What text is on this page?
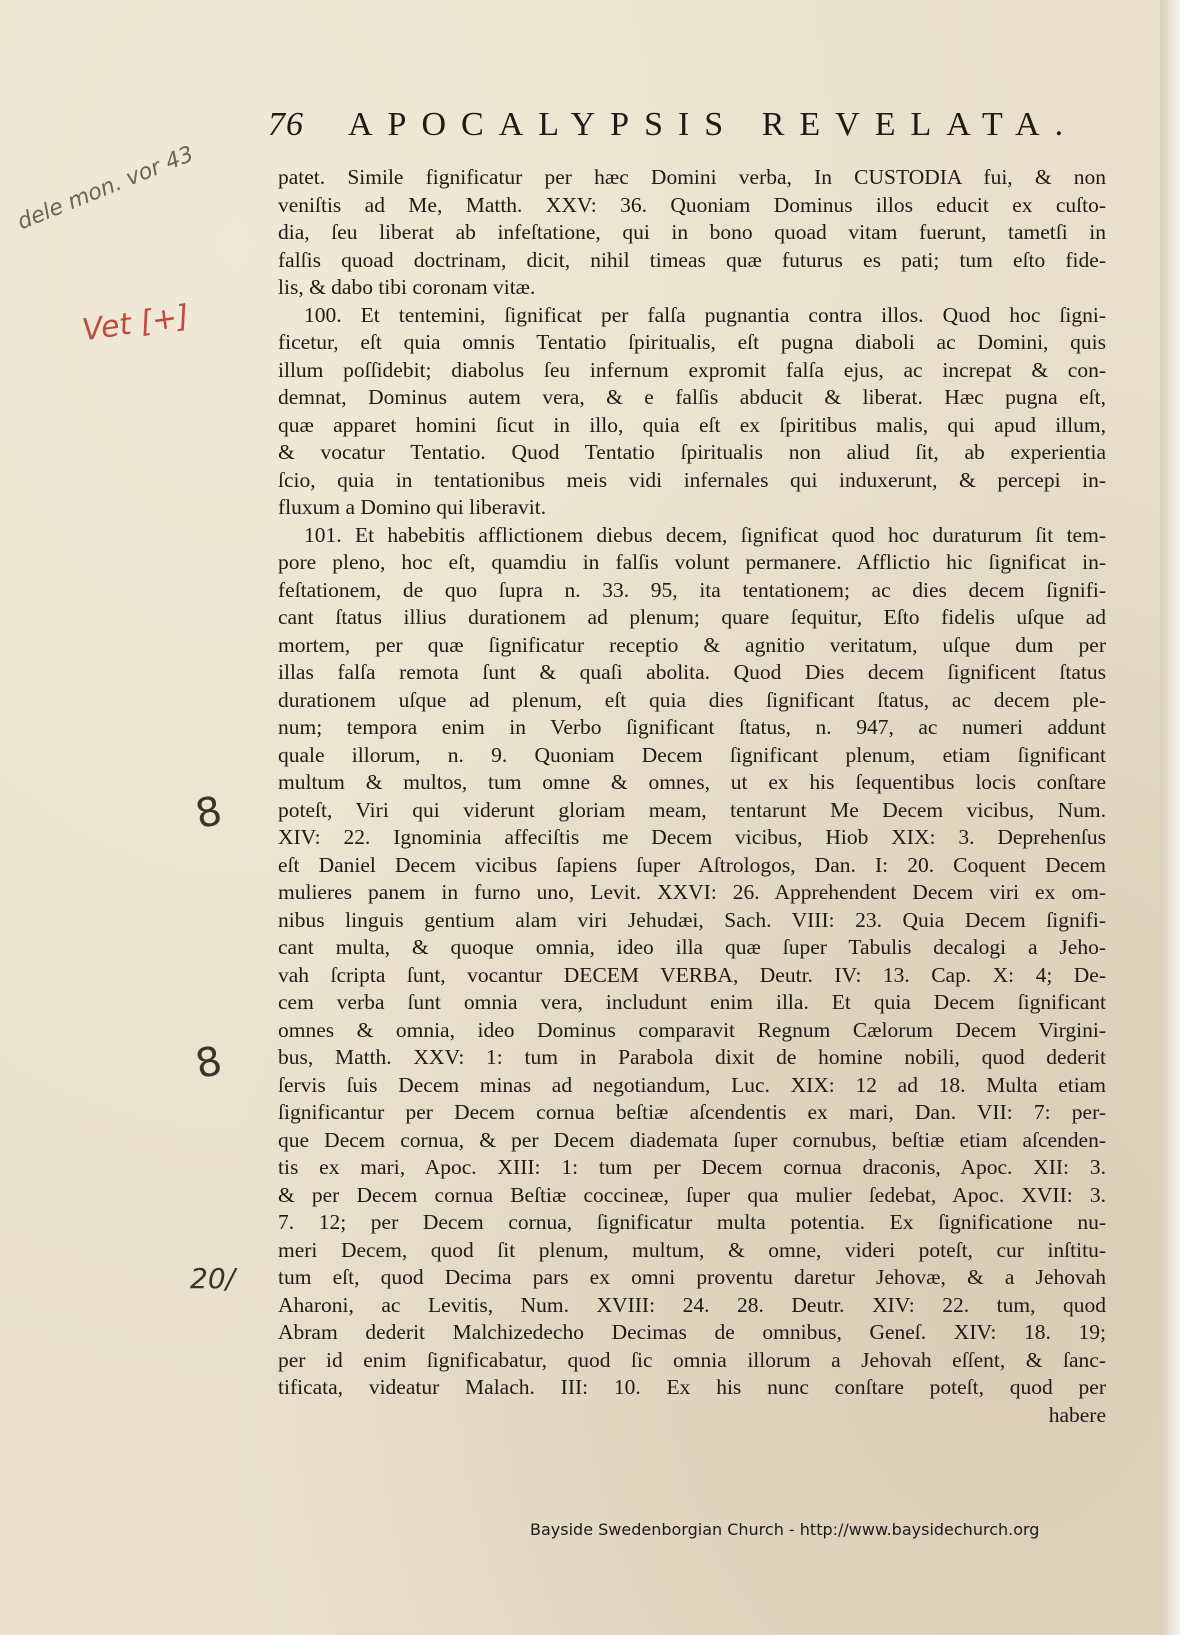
76 APOCALYPSIS REVELATA.
patet. Simile fignificatur per hæc Domini verba, In CUSTODIA fui, & non
veniſtis ad Me, Matth. XXV: 36. Quoniam Dominus illos educit ex cuſto-
dia, ſeu liberat ab infeſtatione, qui in bono quoad vitam fuerunt, tametſi in
falſis quoad doctrinam, dicit, nihil timeas quæ futurus es pati; tum eſto fide-
lis, & dabo tibi coronam vitæ.
100. Et tentemini, ſignificat per falſa pugnantia contra illos. Quod hoc ſigni-
ficetur, eſt quia omnis Tentatio ſpiritualis, eſt pugna diaboli ac Domini, quis
illum poſſidebit; diabolus ſeu infernum expromit falſa ejus, ac increpat & con-
demnat, Dominus autem vera, & e falſis abducit & liberat. Hæc pugna eſt,
quæ apparet homini ſicut in illo, quia eſt ex ſpiritibus malis, qui apud illum,
& vocatur Tentatio. Quod Tentatio ſpiritualis non aliud ſit, ab experientia
ſcio, quia in tentationibus meis vidi infernales qui induxerunt, & percepi in-
fluxum a Domino qui liberavit.
101. Et habebitis afflictionem diebus decem, ſignificat quod hoc duraturum ſit tem-
pore pleno, hoc eſt, quamdiu in falſis volunt permanere. Afflictio hic ſignificat in-
feſtationem, de quo ſupra n. 33. 95, ita tentationem; ac dies decem ſignifi-
cant ſtatus illius durationem ad plenum; quare ſequitur, Eſto fidelis uſque ad
mortem, per quæ ſignificatur receptio & agnitio veritatum, uſque dum per
illas falſa remota ſunt & quaſi abolita. Quod Dies decem ſignificent ſtatus
durationem uſque ad plenum, eſt quia dies ſignificant ſtatus, ac decem ple-
num; tempora enim in Verbo ſignificant ſtatus, n. 947, ac numeri addunt
quale illorum, n. 9. Quoniam Decem ſignificant plenum, etiam ſignificant
multum & multos, tum omne & omnes, ut ex his ſequentibus locis conſtare
poteſt, Viri qui viderunt gloriam meam, tentarunt Me Decem vicibus, Num.
XIV: 22. Ignominia affeciſtis me Decem vicibus, Hiob XIX: 3. Deprehenſus
eſt Daniel Decem vicibus ſapiens ſuper Aſtrologos, Dan. I: 20. Coquent Decem
mulieres panem in furno uno, Levit. XXVI: 26. Apprehendent Decem viri ex om-
nibus linguis gentium alam viri Jehudæi, Sach. VIII: 23. Quia Decem ſignifi-
cant multa, & quoque omnia, ideo illa quæ ſuper Tabulis decalogi a Jeho-
vah ſcripta ſunt, vocantur DECEM VERBA, Deutr. IV: 13. Cap. X: 4; De-
cem verba ſunt omnia vera, includunt enim illa. Et quia Decem ſignificant
omnes & omnia, ideo Dominus comparavit Regnum Cælorum Decem Virgini-
bus, Matth. XXV: 1: tum in Parabola dixit de homine nobili, quod dederit
ſervis ſuis Decem minas ad negotiandum, Luc. XIX: 12 ad 18. Multa etiam
ſignificantur per Decem cornua beſtiæ aſcendentis ex mari, Dan. VII: 7: per-
que Decem cornua, & per Decem diademata ſuper cornubus, beſtiæ etiam aſcenden-
tis ex mari, Apoc. XIII: 1: tum per Decem cornua draconis, Apoc. XII: 3.
& per Decem cornua Beſtiæ coccineæ, ſuper qua mulier ſedebat, Apoc. XVII: 3.
7. 12; per Decem cornua, ſignificatur multa potentia. Ex ſignificatione nu-
meri Decem, quod ſit plenum, multum, & omne, videri poteſt, cur inſtitu-
tum eſt, quod Decima pars ex omni proventu daretur Jehovæ, & a Jehovah
Aharoni, ac Levitis, Num. XVIII: 24. 28. Deutr. XIV: 22. tum, quod
Abram dederit Malchizedecho Decimas de omnibus, Geneſ. XIV: 18. 19;
per id enim ſignificabatur, quod ſic omnia illorum a Jehovah eſſent, & ſanc-
tificata, videatur Malach. III: 10. Ex his nunc conſtare poteſt, quod per
habere
dele mon. vor 43
Vet [+]
8
8
20/
Bayside Swedenborgian Church - http://www.baysidechurch.org
